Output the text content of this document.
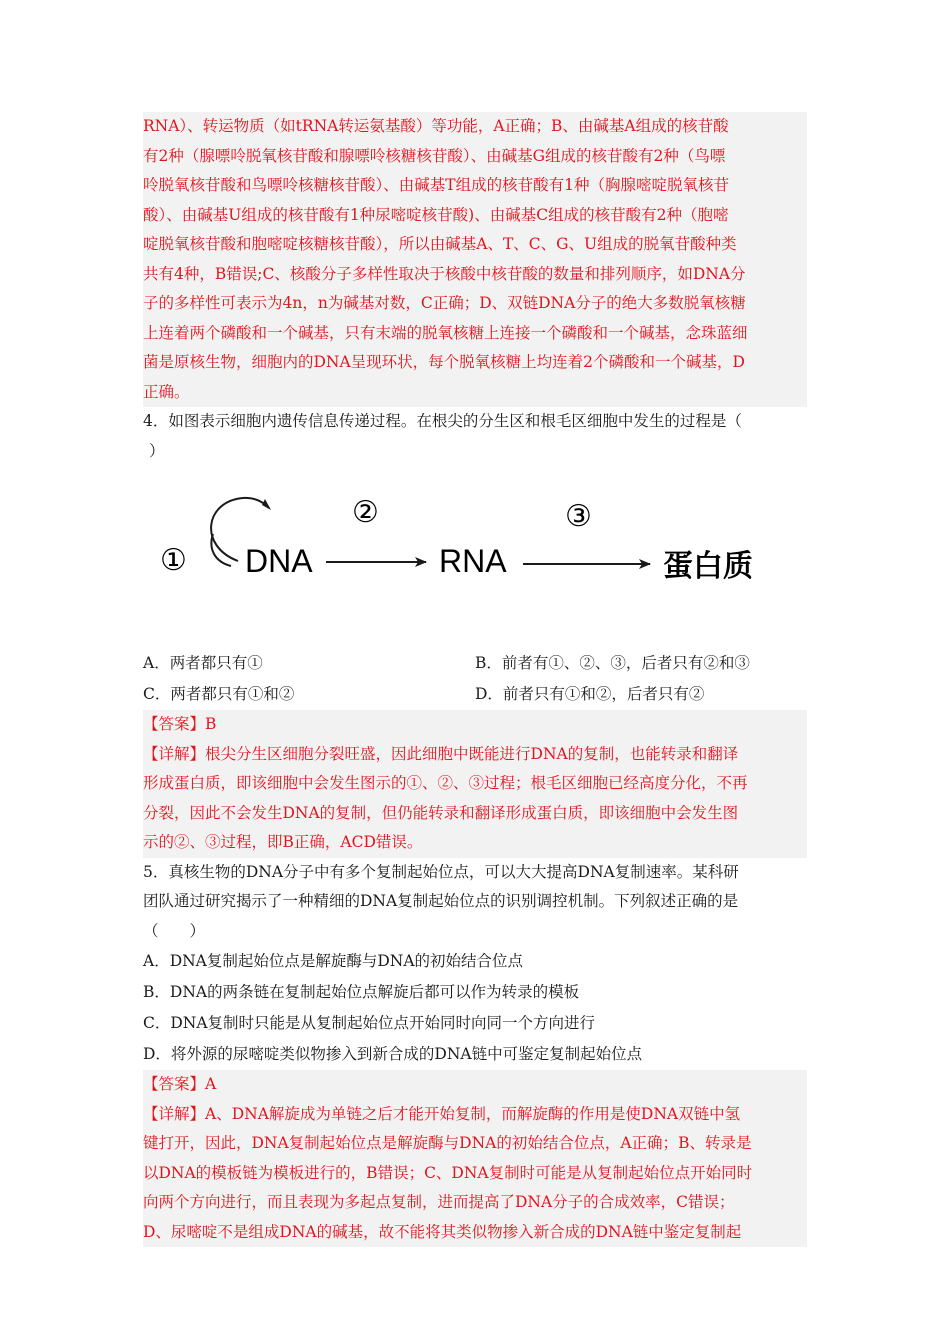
RNA）、转运物质（如tRNA转运氨基酸）等功能，A正确；B、由碱基A组成的核苷酸

有2种（腺嘌呤脱氧核苷酸和腺嘌呤核糖核苷酸）、由碱基G组成的核苷酸有2种（鸟嘌

呤脱氧核苷酸和鸟嘌呤核糖核苷酸）、由碱基T组成的核苷酸有1种（胸腺嘧啶脱氧核苷

酸）、由碱基U组成的核苷酸有1种尿嘧啶核苷酸)、由碱基C组成的核苷酸有2种（胞嘧

啶脱氧核苷酸和胞嘧啶核糖核苷酸），所以由碱基A、T、C、G、U组成的脱氧苷酸种类

共有4种，B错误;C、核酸分子多样性取决于核酸中核苷酸的数量和排列顺序，如DNA分

子的多样性可表示为4n，n为碱基对数，C正确；D、双链DNA分子的绝大多数脱氧核糖

上连着两个磷酸和一个碱基，只有末端的脱氧核糖上连接一个磷酸和一个碱基，念珠蓝细

菌是原核生物，细胞内的DNA呈现环状，每个脱氧核糖上均连着2个磷酸和一个碱基，D

正确。

4．如图表示细胞内遗传信息传递过程。在根尖的分生区和根毛区细胞中发生的过程是（

）

① DNA
②
RNA
③
蛋白质
A．两者都只有①	B．前者有①、②、③，后者只有②和③
C．两者都只有①和②	D．前者只有①和②，后者只有②

【答案】B

【详解】根尖分生区细胞分裂旺盛，因此细胞中既能进行DNA的复制，也能转录和翻译

形成蛋白质，即该细胞中会发生图示的①、②、③过程；根毛区细胞已经高度分化，不再

分裂，因此不会发生DNA的复制，但仍能转录和翻译形成蛋白质，即该细胞中会发生图

示的②、③过程，即B正确，ACD错误。

5．真核生物的DNA分子中有多个复制起始位点，可以大大提高DNA复制速率。某科研

团队通过研究揭示了一种精细的DNA复制起始位点的识别调控机制。下列叙述正确的是

（　　）

A．DNA复制起始位点是解旋酶与DNA的初始结合位点
B．DNA的两条链在复制起始位点解旋后都可以作为转录的模板
C．DNA复制时只能是从复制起始位点开始同时向同一个方向进行
D．将外源的尿嘧啶类似物掺入到新合成的DNA链中可鉴定复制起始位点

【答案】A

【详解】A、DNA解旋成为单链之后才能开始复制，而解旋酶的作用是使DNA双链中氢

键打开，因此，DNA复制起始位点是解旋酶与DNA的初始结合位点，A正确；B、转录是

以DNA的模板链为模板进行的，B错误；C、DNA复制时可能是从复制起始位点开始同时

向两个方向进行，而且表现为多起点复制，进而提高了DNA分子的合成效率，C错误；

D、尿嘧啶不是组成DNA的碱基，故不能将其类似物掺入新合成的DNA链中鉴定复制起
